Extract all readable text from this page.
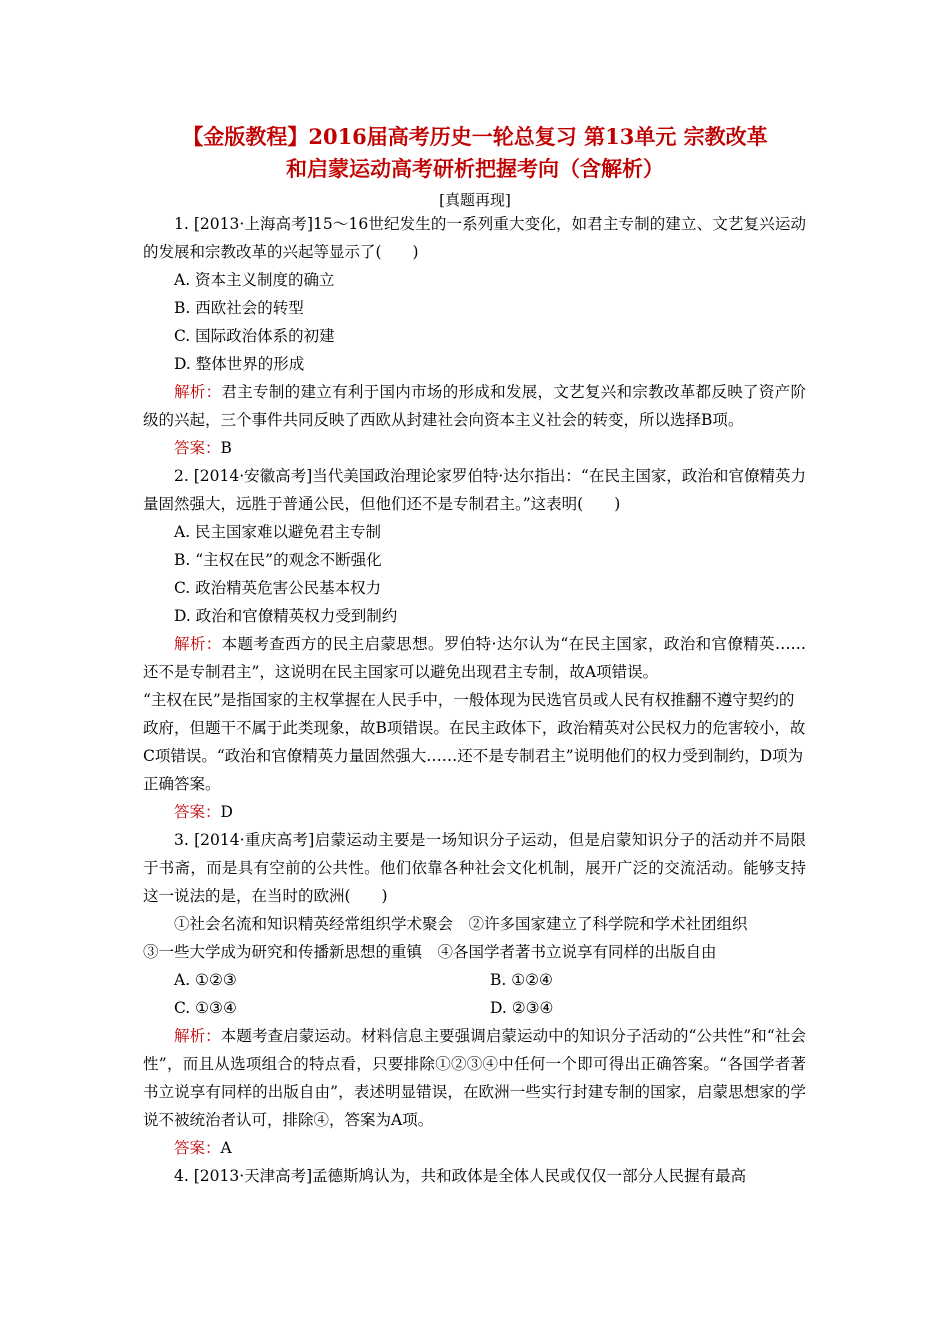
【金版教程】2016届高考历史一轮总复习 第13单元 宗教改革
和启蒙运动高考研析把握考向（含解析）
[真题再现]

1. [2013·上海高考]15～16世纪发生的一系列重大变化，如君主专制的建立、文艺复兴运动的发展和宗教改革的兴起等显示了(　　)

A. 资本主义制度的确立

B. 西欧社会的转型

C. 国际政治体系的初建

D. 整体世界的形成

解析：君主专制的建立有利于国内市场的形成和发展，文艺复兴和宗教改革都反映了资产阶级的兴起，三个事件共同反映了西欧从封建社会向资本主义社会的转变，所以选择B项。

答案：B

2. [2014·安徽高考]当代美国政治理论家罗伯特·达尔指出：“在民主国家，政治和官僚精英力量固然强大，远胜于普通公民，但他们还不是专制君主。”这表明(　　)

A. 民主国家难以避免君主专制

B. “主权在民”的观念不断强化

C. 政治精英危害公民基本权力

D. 政治和官僚精英权力受到制约

解析：本题考查西方的民主启蒙思想。罗伯特·达尔认为“在民主国家，政治和官僚精英……还不是专制君主”，这说明在民主国家可以避免出现君主专制，故A项错误。

“主权在民”是指国家的主权掌握在人民手中，一般体现为民选官员或人民有权推翻不遵守契约的政府，但题干不属于此类现象，故B项错误。在民主政体下，政治精英对公民权力的危害较小，故C项错误。“政治和官僚精英力量固然强大……还不是专制君主”说明他们的权力受到制约，D项为正确答案。

答案：D

3. [2014·重庆高考]启蒙运动主要是一场知识分子运动，但是启蒙知识分子的活动并不局限于书斋，而是具有空前的公共性。他们依靠各种社会文化机制，展开广泛的交流活动。能够支持这一说法的是，在当时的欧洲(　　)

①社会名流和知识精英经常组织学术聚会　②许多国家建立了科学院和学术社团组织

③一些大学成为研究和传播新思想的重镇　④各国学者著书立说享有同样的出版自由

A. ①②③	B. ①②④
C. ①③④	D. ②③④

解析：本题考查启蒙运动。材料信息主要强调启蒙运动中的知识分子活动的“公共性”和“社会性”，而且从选项组合的特点看，只要排除①②③④中任何一个即可得出正确答案。“各国学者著书立说享有同样的出版自由”，表述明显错误，在欧洲一些实行封建专制的国家，启蒙思想家的学说不被统治者认可，排除④，答案为A项。

答案：A

4. [2013·天津高考]孟德斯鸠认为，共和政体是全体人民或仅仅一部分人民握有最高
